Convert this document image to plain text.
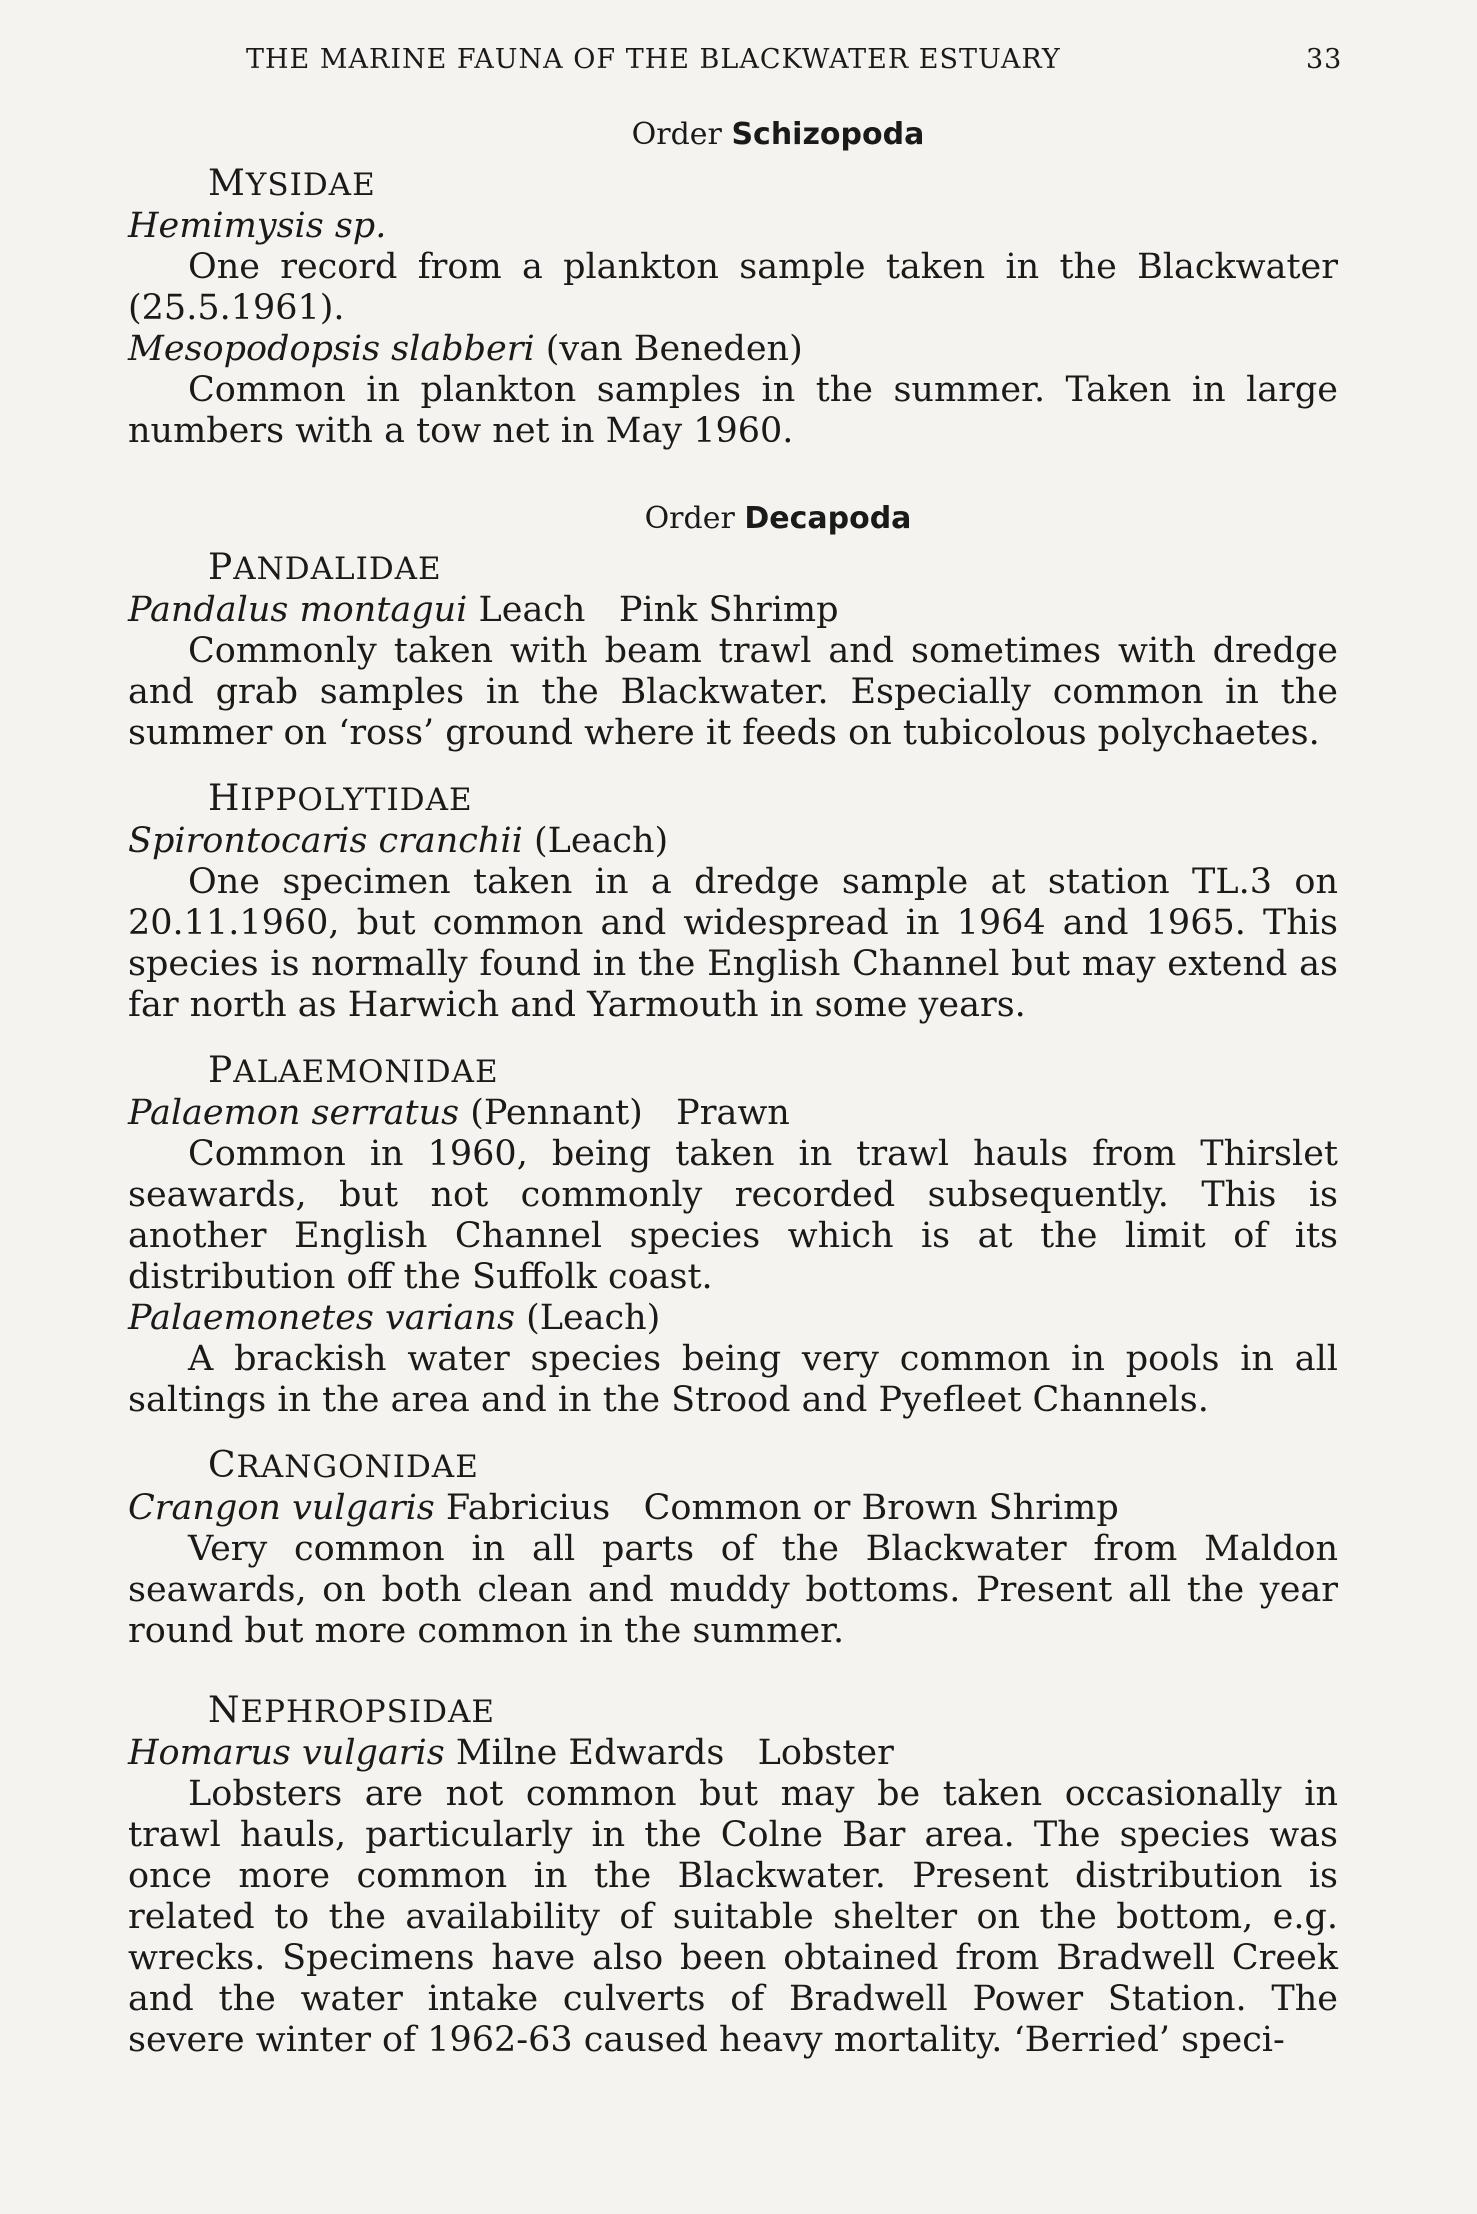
THE MARINE FAUNA OF THE BLACKWATER ESTUARY	33
Order Schizopoda
MYSIDAE

Hemimysis sp.

One record from a plankton sample taken in the Blackwater (25.5.1961).

Mesopodopsis slabberi (van Beneden)

Common in plankton samples in the summer. Taken in large numbers with a tow net in May 1960.

Order Decapoda
PANDALIDAE

Pandalus montagui Leach   Pink Shrimp

Commonly taken with beam trawl and sometimes with dredge and grab samples in the Blackwater. Especially common in the summer on ‘ross’ ground where it feeds on tubicolous polychaetes.

HIPPOLYTIDAE

Spirontocaris cranchii (Leach)

One specimen taken in a dredge sample at station TL.3 on 20.11.1960, but common and widespread in 1964 and 1965. This species is normally found in the English Channel but may extend as far north as Harwich and Yarmouth in some years.

PALAEMONIDAE

Palaemon serratus (Pennant)   Prawn

Common in 1960, being taken in trawl hauls from Thirslet seawards, but not commonly recorded subsequently. This is another English Channel species which is at the limit of its distribution off the Suffolk coast.

Palaemonetes varians (Leach)

A brackish water species being very common in pools in all saltings in the area and in the Strood and Pyefleet Channels.

CRANGONIDAE

Crangon vulgaris Fabricius   Common or Brown Shrimp

Very common in all parts of the Blackwater from Maldon seawards, on both clean and muddy bottoms. Present all the year round but more common in the summer.

NEPHROPSIDAE

Homarus vulgaris Milne Edwards   Lobster

Lobsters are not common but may be taken occasionally in trawl hauls, particularly in the Colne Bar area. The species was once more common in the Blackwater. Present distribution is related to the availability of suitable shelter on the bottom, e.g. wrecks. Specimens have also been obtained from Bradwell Creek and the water intake culverts of Bradwell Power Station. The severe winter of 1962-63 caused heavy mortality. ‘Berried’ speci-
